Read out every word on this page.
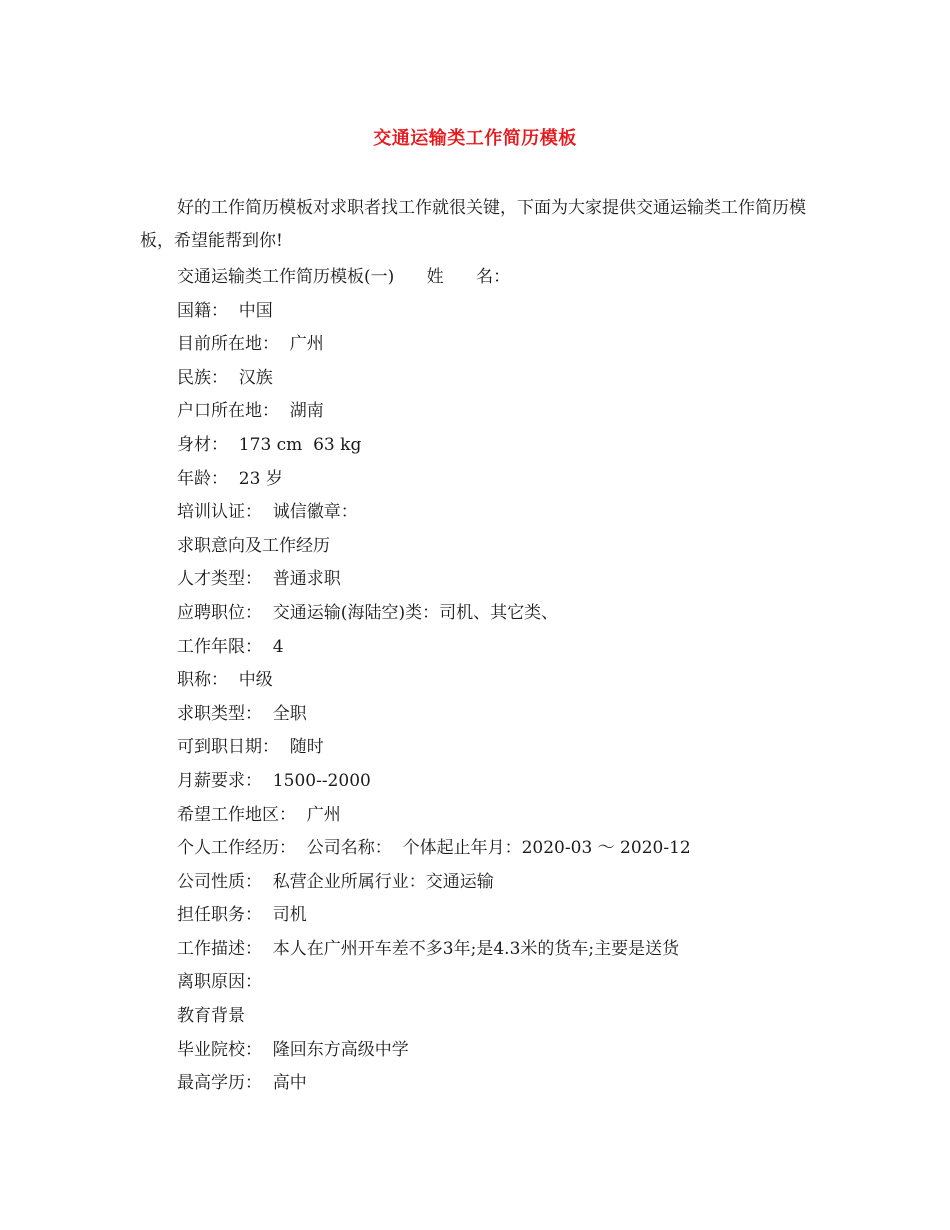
交通运输类工作简历模板

好的工作简历模板对求职者找工作就很关键，下面为大家提供交通运输类工作简历模板，希望能帮到你!

交通运输类工作简历模板(一)      姓      名：
国籍：  中国
目前所在地：  广州
民族：  汉族
户口所在地：  湖南
身材：  173 cm  63 kg
年龄：  23 岁
培训认证：  诚信徽章：
求职意向及工作经历
人才类型：  普通求职
应聘职位：  交通运输(海陆空)类：司机、其它类、
工作年限：  4
职称：  中级
求职类型：  全职
可到职日期：  随时
月薪要求：  1500--2000
希望工作地区：  广州
个人工作经历：  公司名称：  个体起止年月：2020-03 ～ 2020-12
公司性质：  私营企业所属行业：交通运输
担任职务：  司机
工作描述：  本人在广州开车差不多3年;是4.3米的货车;主要是送货
离职原因：
教育背景
毕业院校：  隆回东方高级中学
最高学历：  高中
